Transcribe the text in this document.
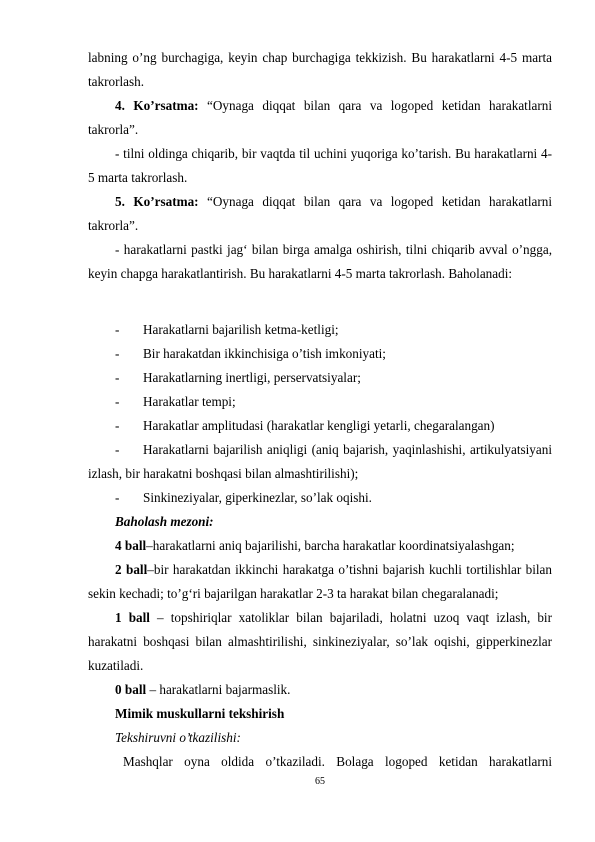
labning o’ng burchagiga, keyin chap burchagiga tekkizish. Bu harakatlarni 4-5 marta takrorlash.

4. Ko’rsatma: “Oynaga diqqat bilan qara va logoped ketidan harakatlarni takrorla”.

- tilni oldinga chiqarib, bir vaqtda til uchini yuqoriga ko’tarish. Bu harakatlarni 4-5 marta takrorlash.

5. Ko’rsatma: “Oynaga diqqat bilan qara va logoped ketidan harakatlarni takrorla”.

- harakatlarni pastki jag‘ bilan birga amalga oshirish, tilni chiqarib avval o’ngga, keyin chapga harakatlantirish. Bu harakatlarni 4-5 marta takrorlash. Baholanadi:

- Harakatlarni bajarilish ketma-ketligi;
- Bir harakatdan ikkinchisiga o’tish imkoniyati;
- Harakatlarning inertligi, perservatsiyalar;
- Harakatlar tempi;
- Harakatlar amplitudasi (harakatlar kengligi yetarli, chegaralangan)
-	Harakatlarni bajarilish aniqligi (aniq bajarish, yaqinlashishi, artikulyatsiyani izlash, bir harakatni boshqasi bilan almashtirilishi);

- Sinkineziyalar, giperkinezlar, so’lak oqishi.

Baholash mezoni:

4 ball–harakatlarni aniq bajarilishi, barcha harakatlar koordinatsiyalashgan;

2 ball–bir harakatdan ikkinchi harakatga o’tishni bajarish kuchli tortilishlar bilan sekin kechadi; to’g‘ri bajarilgan harakatlar 2-3 ta harakat bilan chegaralanadi;

1 ball – topshiriqlar xatoliklar bilan bajariladi, holatni uzoq vaqt izlash, bir harakatni boshqasi bilan almashtirilishi, sinkineziyalar, so’lak oqishi, gipperkinezlar kuzatiladi.

0 ball – harakatlarni bajarmaslik.

Mimik muskullarni tekshirish

Tekshiruvni o’tkazilishi:

Mashqlar oyna oldida o’tkaziladi. Bolaga logoped ketidan harakatlarni

65
